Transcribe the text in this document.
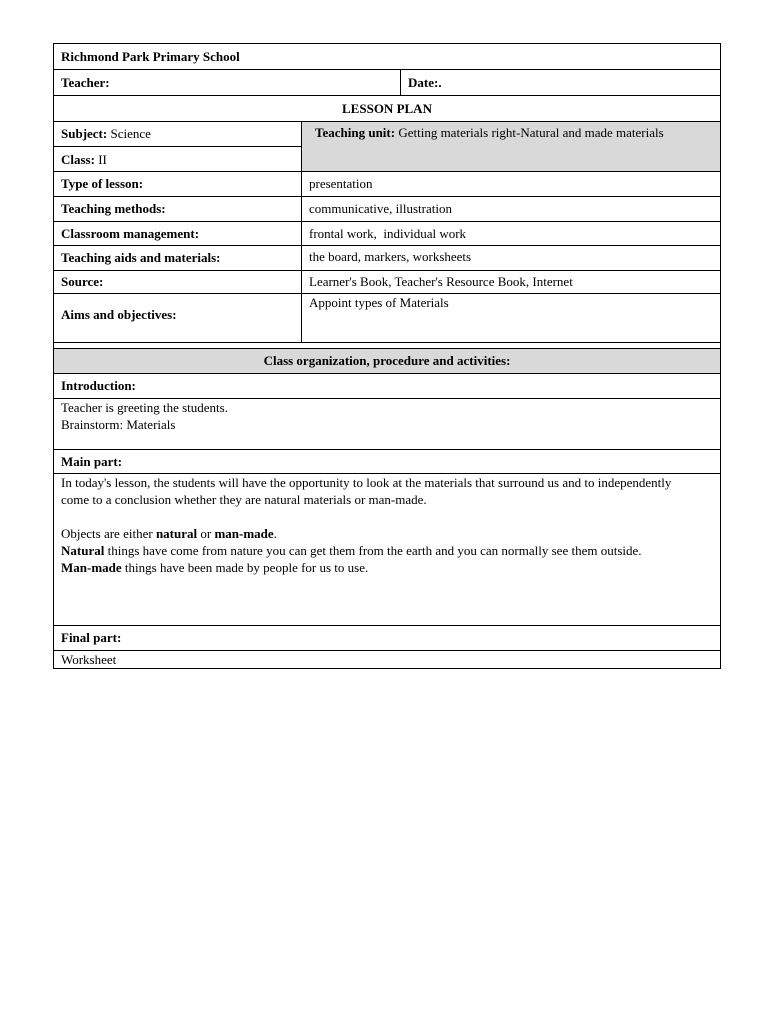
Richmond Park Primary School
Teacher:	Date:.
LESSON PLAN
Subject: Science
Class: II

Teaching unit: Getting materials right-Natural and made materials

Type of lesson:	presentation
Teaching methods:	communicative, illustration
Classroom management:	frontal work,  individual work
Teaching aids and materials:	the board, markers, worksheets
Source:	Learner's Book, Teacher's Resource Book, Internet
Aims and objectives:
Appoint types of Materials
Class organization, procedure and activities:
Introduction:

Teacher is greeting the students.

Brainstorm: Materials

Main part:

In today's lesson, the students will have the opportunity to look at the materials that surround us and to independently come to a conclusion whether they are natural materials or man-made.

Objects are either natural or man-made.

Natural things have come from nature you can get them from the earth and you can normally see them outside.

Man-made things have been made by people for us to use.

Final part:
Worksheet
